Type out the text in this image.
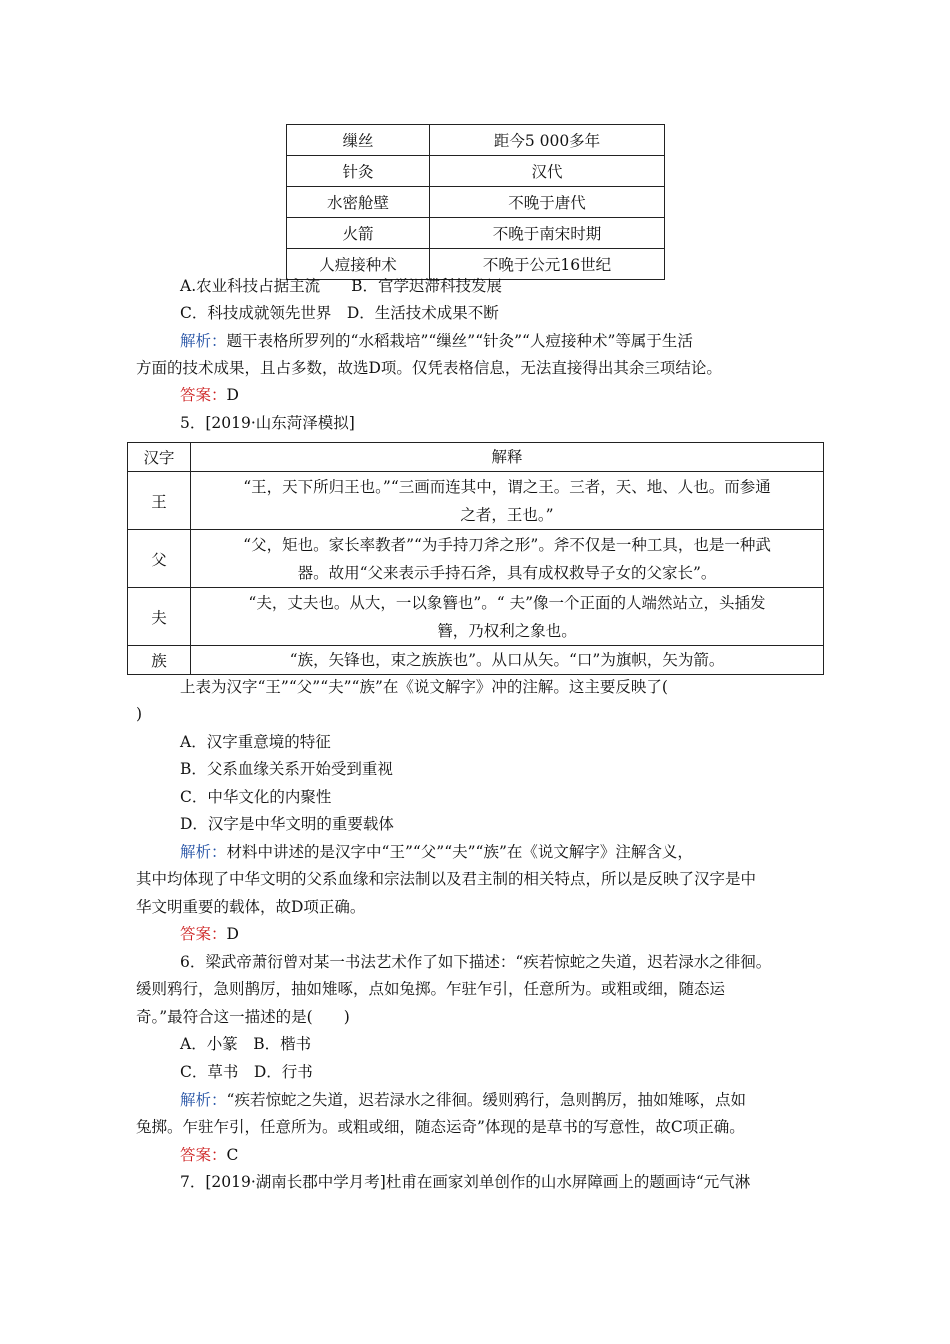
缫丝	距今5 000多年
针灸	汉代
水密舱壁	不晚于唐代
火箭	不晚于南宋时期
人痘接种术	不晚于公元16世纪
A.农业科技占据主流　　B．官学迟滞科技发展
C．科技成就领先世界　D．生活技术成果不断
解析：题干表格所罗列的“水稻栽培”“缫丝”“针灸”“人痘接种术”等属于生活
方面的技术成果，且占多数，故选D项。仅凭表格信息，无法直接得出其余三项结论。
答案：D
5．[2019·山东菏泽模拟]
汉字	解释
王	“王，天下所归王也。”“三画而连其中，谓之王。三者，天、地、人也。而参通
之者，王也。”

父	“父，矩也。家长率教者”“为手持刀斧之形”。斧不仅是一种工具，也是一种武
器。故用“父来表示手持石斧，具有成权救导子女的父家长”。

夫	“夫，丈夫也。从大，一以象簪也”。“ 夫”像一个正面的人端然站立，头插发
簪，乃权利之象也。

族	“族，矢锋也，束之族族也”。从口从矢。“口”为旗帜，矢为箭。
上表为汉字“王”“父”“夫”“族”在《说文解字》冲的注解。这主要反映了(
)
A．汉字重意境的特征
B．父系血缘关系开始受到重视
C．中华文化的内聚性
D．汉字是中华文明的重要载体
解析：材料中讲述的是汉字中“王”“父”“夫”“族”在《说文解字》注解含义，
其中均体现了中华文明的父系血缘和宗法制以及君主制的相关特点，所以是反映了汉字是中
华文明重要的载体，故D项正确。
答案：D
6．梁武帝萧衍曾对某一书法艺术作了如下描述：“疾若惊蛇之失道，迟若渌水之徘徊。
缓则鸦行，急则鹊厉，抽如雉啄，点如兔掷。乍驻乍引，任意所为。或粗或细，随态运
奇。”最符合这一描述的是(　　)
A．小篆　B．楷书
C．草书　D．行书
解析：“疾若惊蛇之失道，迟若渌水之徘徊。缓则鸦行，急则鹊厉，抽如雉啄，点如
兔掷。乍驻乍引，任意所为。或粗或细，随态运奇”体现的是草书的写意性，故C项正确。
答案：C
7．[2019·湖南长郡中学月考]杜甫在画家刘单创作的山水屏障画上的题画诗“元气淋
